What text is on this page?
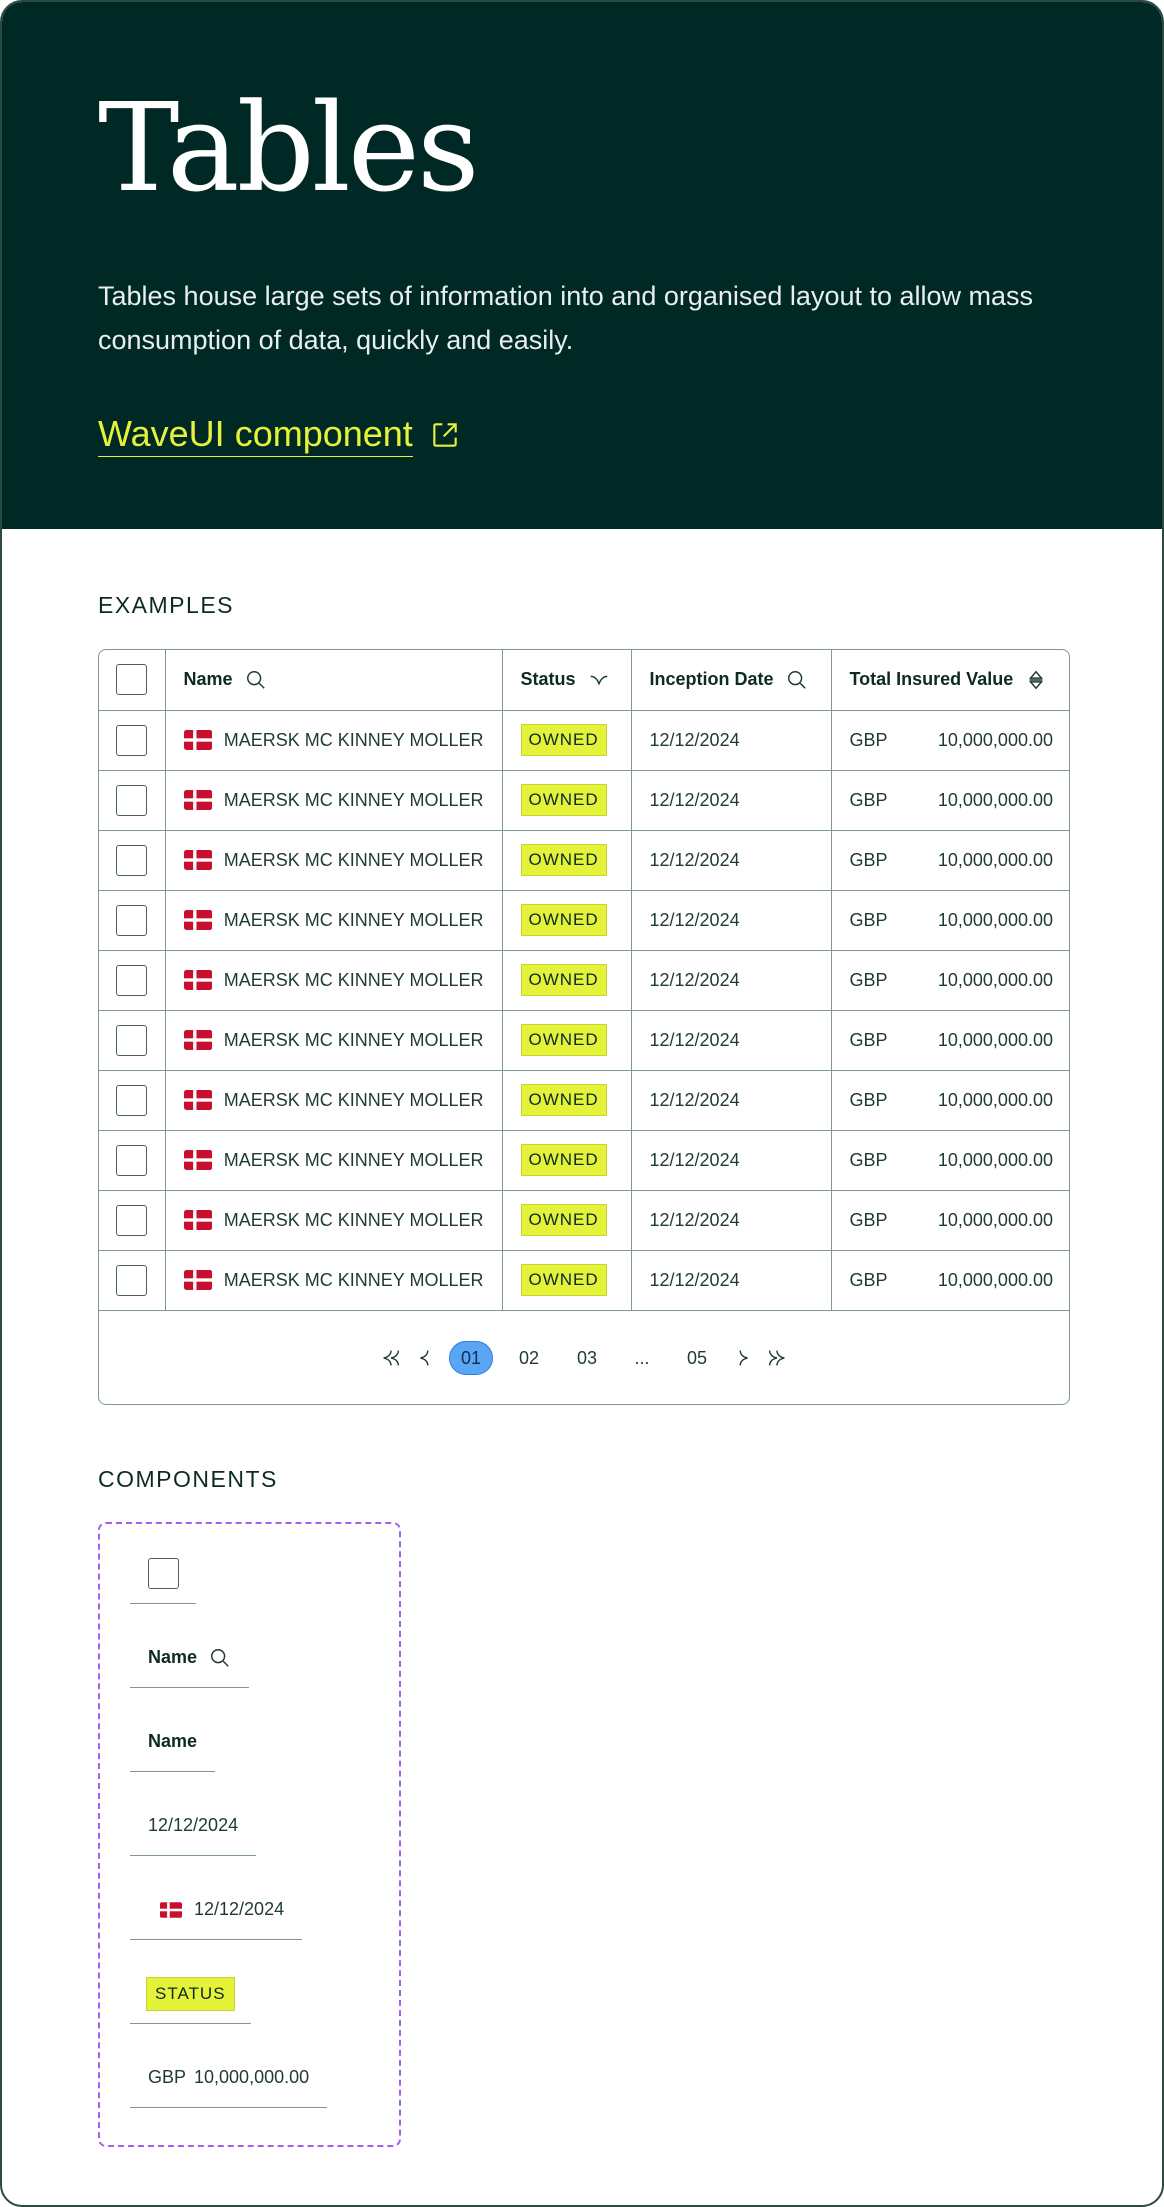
Tables

Tables house large sets of information into and organised layout to allow mass consumption of data, quickly and easily.

WaveUI component
EXAMPLES

	Name	Status	Inception Date	Total Insured Value

	MAERSK MC KINNEY MOLLER	OWNED	12/12/2024	GBP 10,000,000.00

	MAERSK MC KINNEY MOLLER	OWNED	12/12/2024	GBP 10,000,000.00

	MAERSK MC KINNEY MOLLER	OWNED	12/12/2024	GBP 10,000,000.00

	MAERSK MC KINNEY MOLLER	OWNED	12/12/2024	GBP 10,000,000.00

	MAERSK MC KINNEY MOLLER	OWNED	12/12/2024	GBP 10,000,000.00

	MAERSK MC KINNEY MOLLER	OWNED	12/12/2024	GBP 10,000,000.00

	MAERSK MC KINNEY MOLLER	OWNED	12/12/2024	GBP 10,000,000.00

	MAERSK MC KINNEY MOLLER	OWNED	12/12/2024	GBP 10,000,000.00

	MAERSK MC KINNEY MOLLER	OWNED	12/12/2024	GBP 10,000,000.00

	MAERSK MC KINNEY MOLLER	OWNED	12/12/2024	GBP 10,000,000.00
01	02	03	...	05
COMPONENTS
Name
Name
12/12/2024
12/12/2024
STATUS
GBP 10,000,000.00
